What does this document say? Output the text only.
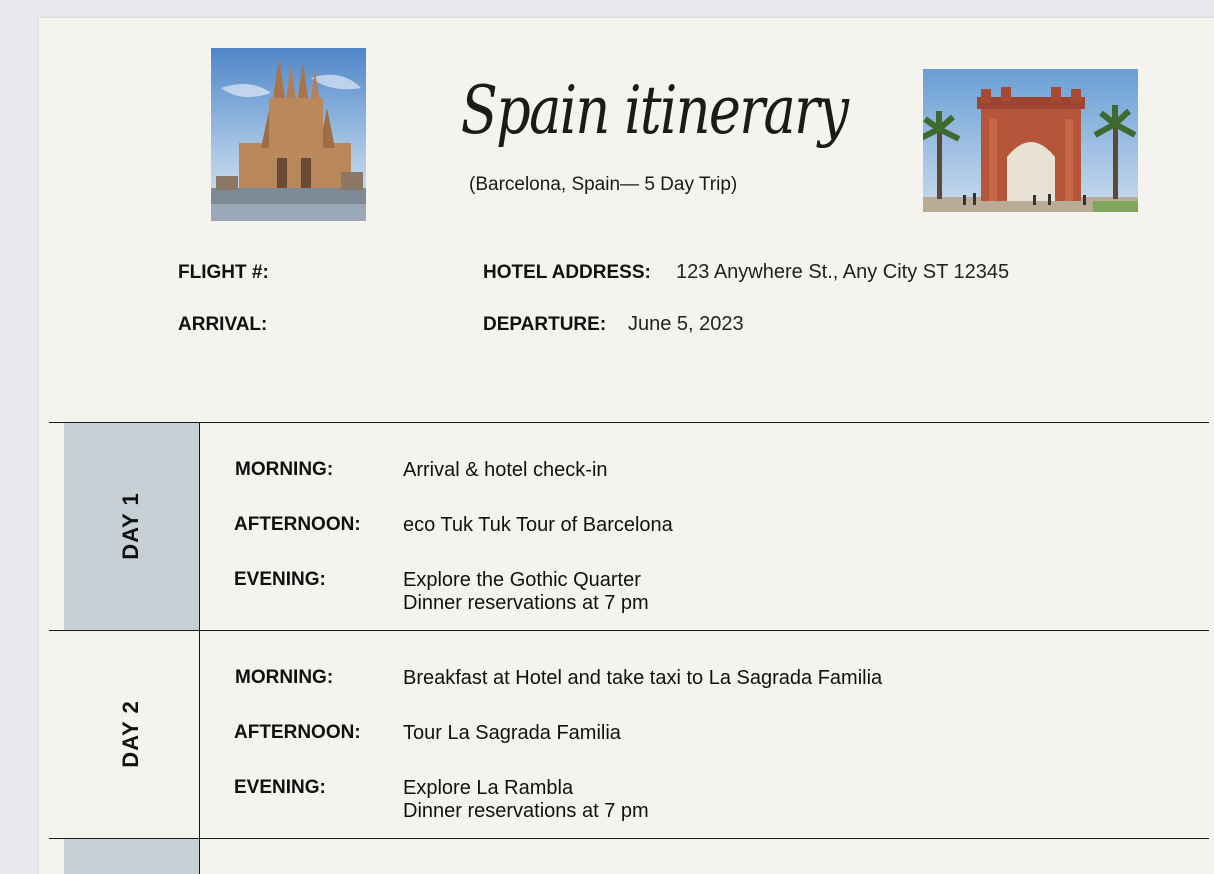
Spain itinerary
(Barcelona, Spain— 5 Day Trip)
FLIGHT #:
ARRIVAL:
HOTEL ADDRESS: 123 Anywhere St., Any City ST 12345
DEPARTURE: June 5, 2023
DAY 1
MORNING:	Arrival & hotel check-in
AFTERNOON: eco Tuk Tuk Tour of Barcelona
EVENING:	Explore the Gothic Quarter
Dinner reservations at 7 pm
DAY 2
MORNING:	Breakfast at Hotel and take taxi to La Sagrada Familia
AFTERNOON: Tour La Sagrada Familia
EVENING:	Explore La Rambla
Dinner reservations at 7 pm
